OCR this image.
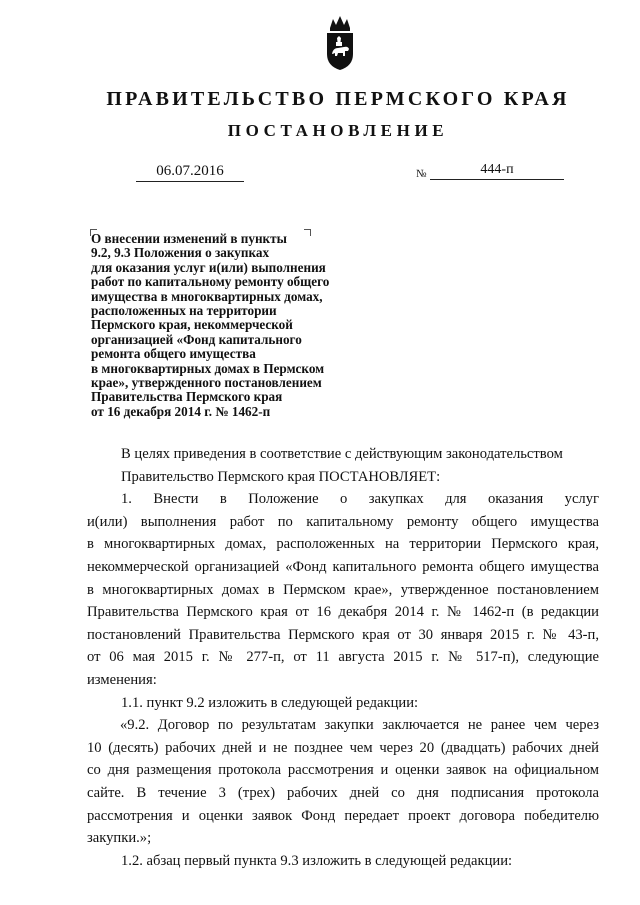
ПРАВИТЕЛЬСТВО ПЕРМСКОГО КРАЯ
ПОСТАНОВЛЕНИЕ
06.07.2016	№	444-п
О внесении изменений в пункты
9.2, 9.3 Положения о закупках
для оказания услуг и(или) выполнения
работ по капитальному ремонту общего
имущества в многоквартирных домах,
расположенных на территории
Пермского края, некоммерческой
организацией «Фонд капитального
ремонта общего имущества
в многоквартирных домах в Пермском
крае», утвержденного постановлением
Правительства Пермского края
от 16 декабря 2014 г. № 1462-п
В целях приведения в соответствие с действующим законодательством
Правительство Пермского края ПОСТАНОВЛЯЕТ:
1. Внести в Положение о закупках для оказания услуг
и(или) выполнения работ по капитальному ремонту общего имущества
в многоквартирных домах, расположенных на территории Пермского края,
некоммерческой организацией «Фонд капитального ремонта общего имущества
в многоквартирных домах в Пермском крае», утвержденное постановлением
Правительства Пермского края от 16 декабря 2014 г. № 1462-п (в редакции
постановлений Правительства Пермского края от 30 января 2015 г. № 43-п,
от 06 мая 2015 г. № 277-п, от 11 августа 2015 г. № 517-п), следующие
изменения:
1.1. пункт 9.2 изложить в следующей редакции:
«9.2. Договор по результатам закупки заключается не ранее чем через
10 (десять) рабочих дней и не позднее чем через 20 (двадцать) рабочих дней
со дня размещения протокола рассмотрения и оценки заявок на официальном
сайте. В течение 3 (трех) рабочих дней со дня подписания протокола
рассмотрения и оценки заявок Фонд передает проект договора победителю
закупки.»;
1.2. абзац первый пункта 9.3 изложить в следующей редакции:
